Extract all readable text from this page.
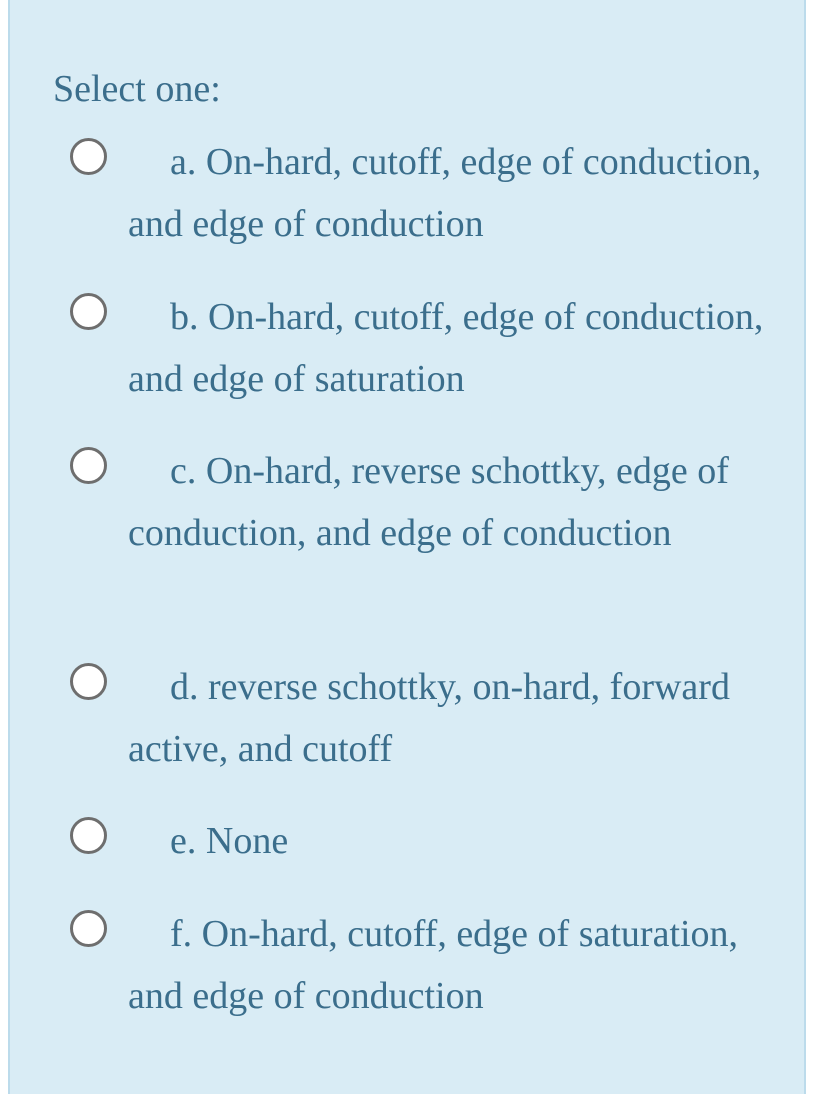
Select one:

a. On-hard, cutoff, edge of conduction, and edge of conduction
b. On-hard, cutoff, edge of conduction, and edge of saturation
c. On-hard, reverse schottky, edge of conduction, and edge of conduction
d. reverse schottky, on-hard, forward active, and cutoff
e. None
f. On-hard, cutoff, edge of saturation, and edge of conduction
